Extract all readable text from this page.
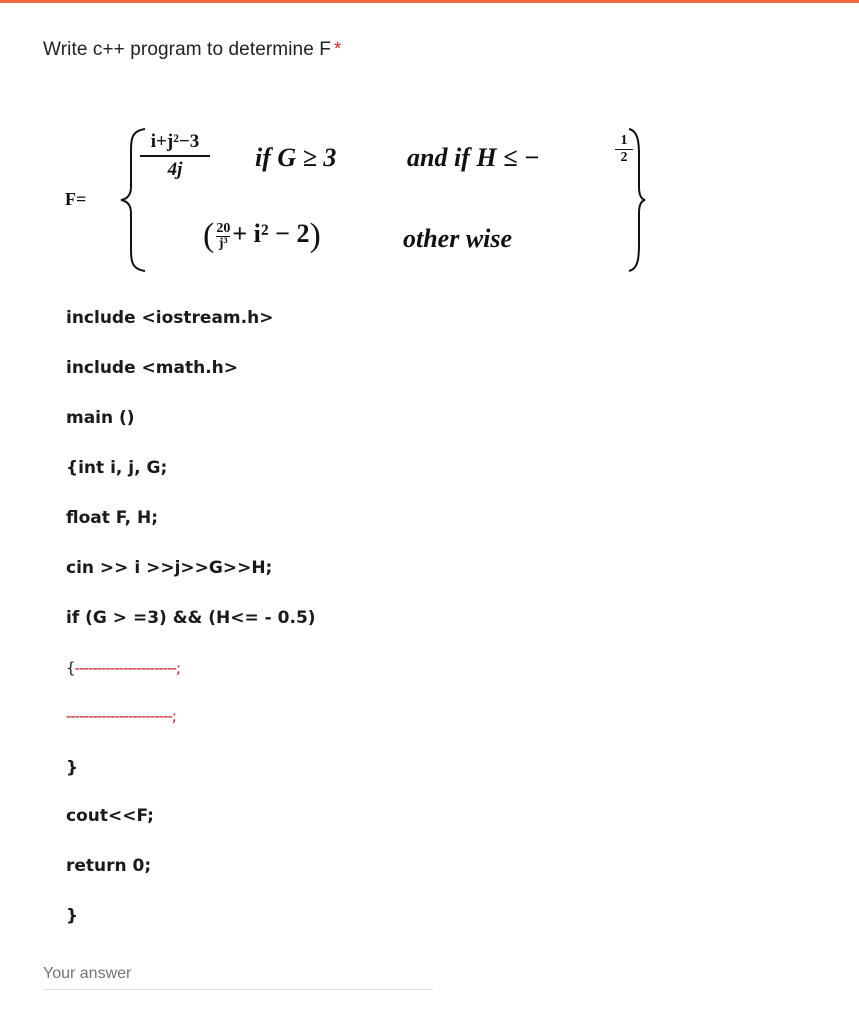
Write c++ program to determine F *
F=
$\frac{\text{i+j²−3}}{4j}$ if G ≥ 3	and if H ≤ −	$\frac{1}{2}$
( $\frac{20}{\text{j³}} + i^2 - 2$)	other wise
include <iostream.h>
include <math.h>
main ()
{int i, j, G;
float F, H;
cin >> i >>j>>G>>H;
if (G > =3) && (H<= - 0.5)
{-----------------------;
------------------------;
}
cout<<F;
return 0;
}
Your answer
